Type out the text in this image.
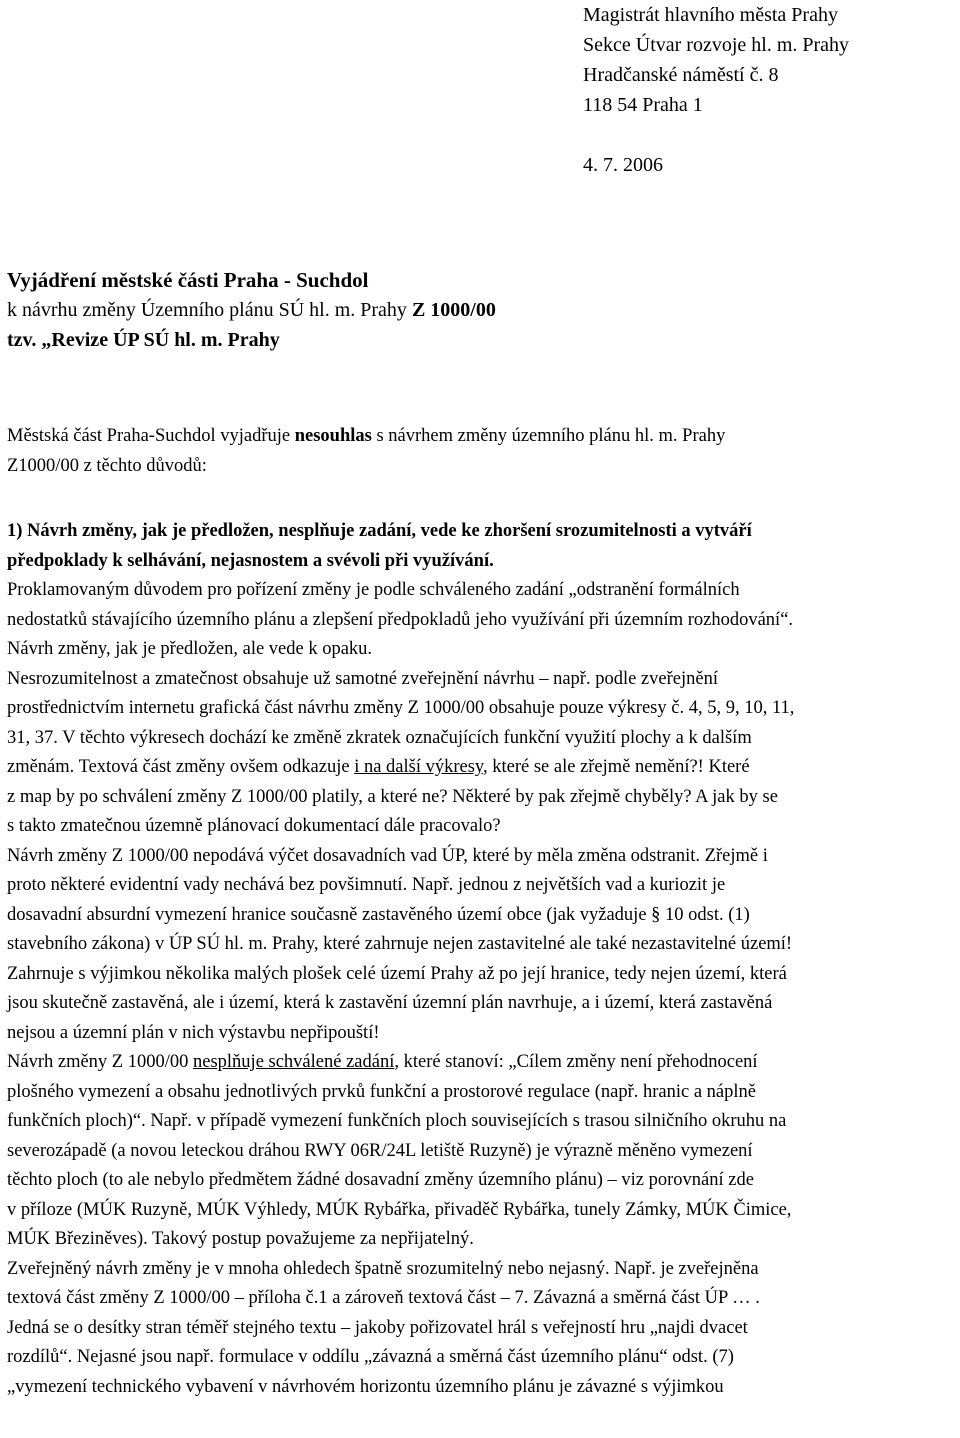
Magistrát hlavního města Prahy
Sekce Útvar rozvoje hl. m. Prahy
Hradčanské náměstí č. 8
118 54 Praha 1
4. 7. 2006
Vyjádření městské části Praha - Suchdol
k návrhu změny Územního plánu SÚ hl. m. Prahy Z 1000/00
tzv. „Revize ÚP SÚ hl. m. Prahy

Městská část Praha-Suchdol vyjadřuje nesouhlas s návrhem změny územního plánu hl. m. Prahy

Z1000/00 z těchto důvodů:

1) Návrh změny, jak je předložen, nesplňuje zadání, vede ke zhoršení srozumitelnosti a vytváří

předpoklady k selhávání, nejasnostem a svévoli při využívání.

Proklamovaným důvodem pro pořízení změny je podle schváleného zadání „odstranění formálních

nedostatků stávajícího územního plánu a zlepšení předpokladů jeho využívání při územním rozhodování“.

Návrh změny, jak je předložen, ale vede k opaku.

Nesrozumitelnost a zmatečnost obsahuje už samotné zveřejnění návrhu – např. podle zveřejnění

prostřednictvím internetu grafická část návrhu změny Z 1000/00 obsahuje pouze výkresy č. 4, 5, 9, 10, 11,

31, 37. V těchto výkresech dochází ke změně zkratek označujících funkční využití plochy a k dalším

změnám. Textová část změny ovšem odkazuje i na další výkresy, které se ale zřejmě nemění?! Které

z map by po schválení změny Z 1000/00 platily, a které ne? Některé by pak zřejmě chyběly? A jak by se

s takto zmatečnou územně plánovací dokumentací dále pracovalo?

Návrh změny Z 1000/00 nepodává výčet dosavadních vad ÚP, které by měla změna odstranit. Zřejmě i

proto některé evidentní vady nechává bez povšimnutí. Např. jednou z největších vad a kuriozit je

dosavadní absurdní vymezení hranice současně zastavěného území obce (jak vyžaduje § 10 odst. (1)

stavebního zákona) v ÚP SÚ hl. m. Prahy, které zahrnuje nejen zastavitelné ale také nezastavitelné území!

Zahrnuje s výjimkou několika malých plošek celé území Prahy až po její hranice, tedy nejen území, která

jsou skutečně zastavěná, ale i území, která k zastavění územní plán navrhuje, a i území, která zastavěná

nejsou a územní plán v nich výstavbu nepřipouští!

Návrh změny Z 1000/00 nesplňuje schválené zadání, které stanoví: „Cílem změny není přehodnocení

plošného vymezení a obsahu jednotlivých prvků funkční a prostorové regulace (např. hranic a náplně

funkčních ploch)“. Např. v případě vymezení funkčních ploch souvisejících s trasou silničního okruhu na

severozápadě (a novou leteckou dráhou RWY 06R/24L letiště Ruzyně) je výrazně měněno vymezení

těchto ploch (to ale nebylo předmětem žádné dosavadní změny územního plánu) – viz porovnání zde

v příloze (MÚK Ruzyně, MÚK Výhledy, MÚK Rybářka, přivaděč Rybářka, tunely Zámky, MÚK Čimice,

MÚK Březiněves). Takový postup považujeme za nepřijatelný.

Zveřejněný návrh změny je v mnoha ohledech špatně srozumitelný nebo nejasný. Např. je zveřejněna

textová část změny Z 1000/00 – příloha č.1 a zároveň textová část – 7. Závazná a směrná část ÚP … .

Jedná se o desítky stran téměř stejného textu – jakoby pořizovatel hrál s veřejností hru „najdi dvacet

rozdílů“. Nejasné jsou např. formulace v oddílu „závazná a směrná část územního plánu“ odst. (7)

„vymezení technického vybavení v návrhovém horizontu územního plánu je závazné s výjimkou
